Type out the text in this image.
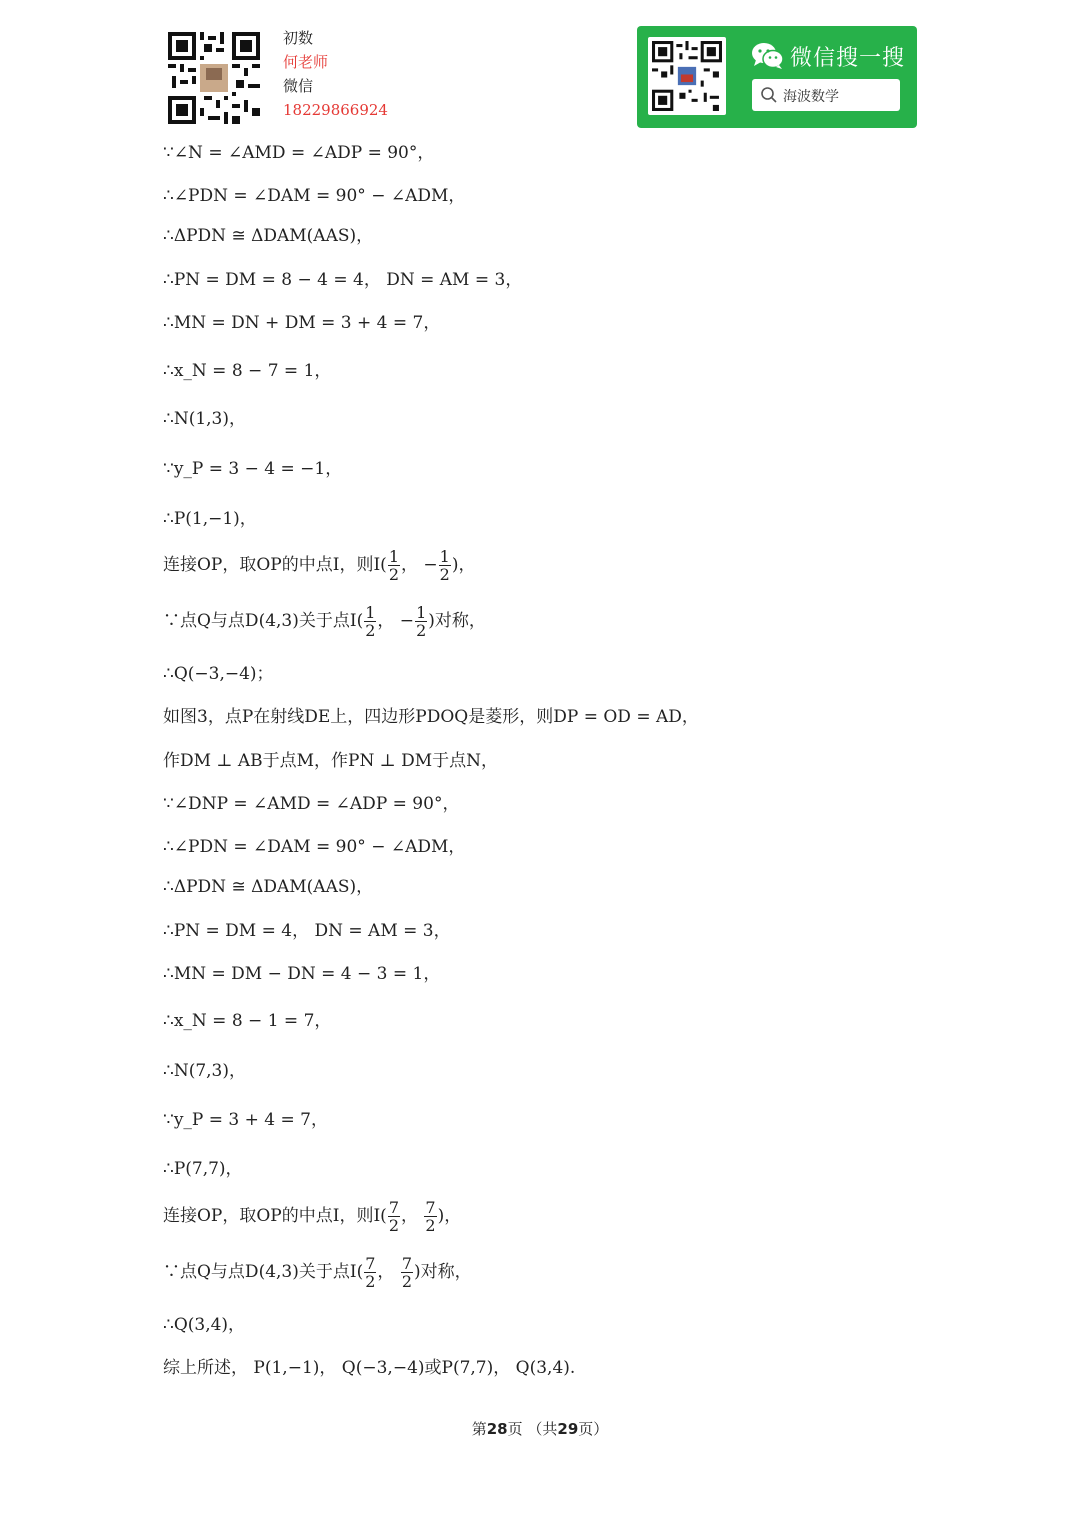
初数
何老师
微信
18229866924
微信搜一搜
海波数学
∵∠N = ∠AMD = ∠ADP = 90°，
∴∠PDN = ∠DAM = 90° − ∠ADM，
∴ΔPDN ≅ ΔDAM(AAS)，
∴PN = DM = 8 − 4 = 4， DN = AM = 3，
∴MN = DN + DM = 3 + 4 = 7，
∴x_N = 8 − 7 = 1，
∴N(1,3)，
∵y_P = 3 − 4 = −1，
∴P(1,−1)，
连接OP，取OP的中点I，则$I( \frac{1}{2}$ ， − $\frac{1}{2}$ )，
∵点Q与点D(4,3)关于点$I( \frac{1}{2}$ ， − $\frac{1}{2}$ )对称，
∴Q(−3,−4)；
如图3，点P在射线DE上，四边形PDOQ是菱形，则DP = OD = AD，
作DM ⊥ AB于点M，作PN ⊥ DM于点N，
∵∠DNP = ∠AMD = ∠ADP = 90°，
∴∠PDN = ∠DAM = 90° − ∠ADM，
∴ΔPDN ≅ ΔDAM(AAS)，
∴PN = DM = 4， DN = AM = 3，
∴MN = DM − DN = 4 − 3 = 1，
∴x_N = 8 − 1 = 7，
∴N(7,3)，
∵y_P = 3 + 4 = 7，
∴P(7,7)，
连接OP，取OP的中点I，则$I( \frac{7}{2}$ ， $\frac{7}{2}$ )，
∵点Q与点D(4,3)关于点$I( \frac{7}{2}$ ， $\frac{7}{2}$ )对称，
∴Q(3,4)，
综上所述， P(1,−1)， Q(−3,−4)或P(7,7)， Q(3,4).
第28页 （共29页）
